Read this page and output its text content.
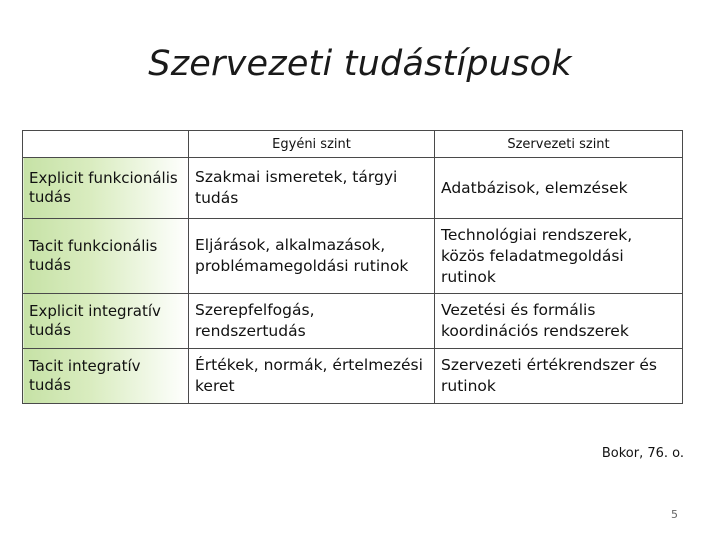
Szervezeti tudástípusok
	Egyéni szint	Szervezeti szint
Explicit funkcionális tudás	Szakmai ismeretek, tárgyi tudás	Adatbázisok, elemzések
Tacit funkcionális tudás	Eljárások, alkalmazások, problémamegoldási rutinok	Technológiai rendszerek, közös feladatmegoldási rutinok
Explicit integratív tudás	Szerepfelfogás, rendszertudás	Vezetési és formális koordinációs rendszerek
Tacit integratív tudás	Értékek, normák, értelmezési keret	Szervezeti értékrendszer és rutinok
Bokor, 76. o.
5
